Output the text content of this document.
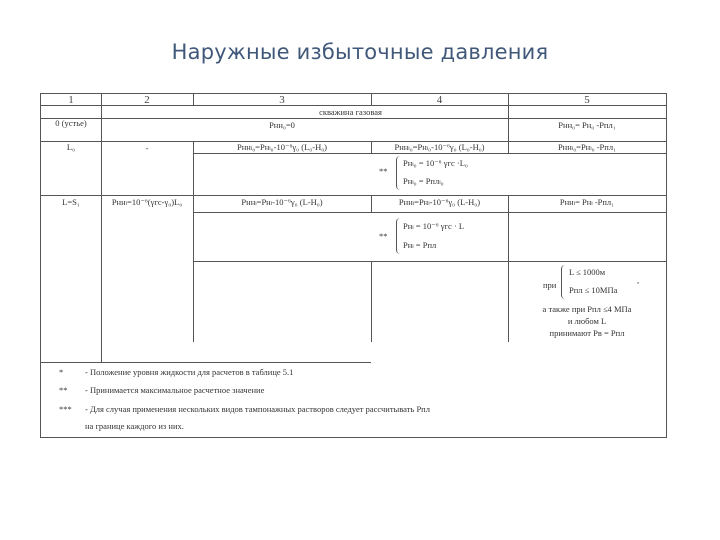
Наружные избыточные давления
1	2	3	4	5
скважина газовая
0 (устье)	Рнн₀=0	Рнн₀= Рн₀ -Рпл₁
L₀	-	Рннₗ₀=Рнₗ₀-10⁻⁶γ₀ (L₀-H₀)	Рннₗ₀=Рнₗ₀-10⁻⁶γ₀ (L₀-H₀)	Рннₗ₀=Рнₗ₀ -Рпл₁
**
Рнₗ₀ = 10⁻⁶ γгс ·L₀
Рнₗ₀ = Рплₗ₀
L=S₁	Рннₗ=10⁻⁶(γгс-γ₀)L₀	Рннₗ=Рнₗ-10⁻⁶γ₀ (L-H₀)	Рннₗ=Рнₗ-10⁻⁶γ₀ (L-H₀)	Рннₗ= Рнₗ -Рпл₁
**
Рнₗ = 10⁻⁶ γгс · L
Рнₗ = Рпл
при
L ≤ 1000м
Рпл ≤ 10МПа
,
а также при Рпл ≤4 МПа
и любом L
принимают Рв = Рпл
*	- Положение уровня жидкости для расчетов в таблице 5.1
** - Принимается максимальное расчетное значение
*** - Для случая применения нескольких видов тампонажных растворов следует рассчитывать Рпл
на границе каждого из них.
